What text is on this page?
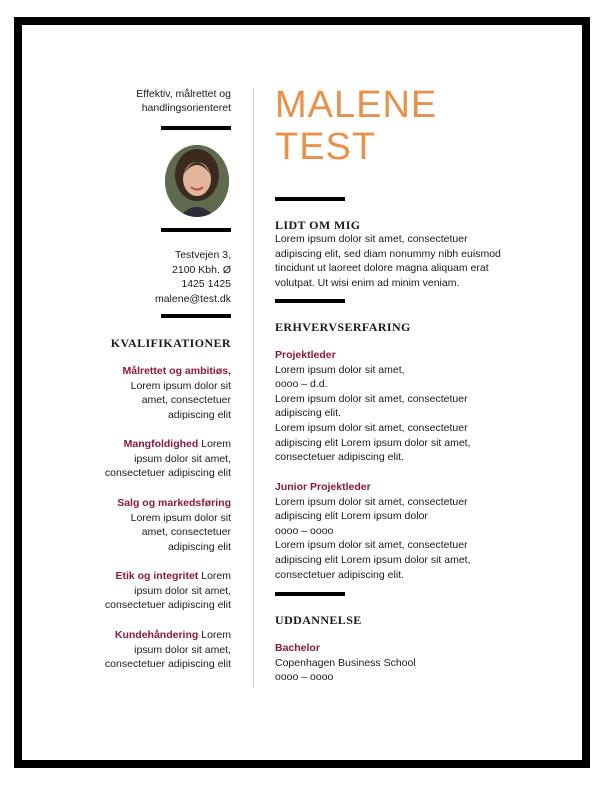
Effektiv, målrettet og
handlingsorienteret
Testvejen 3,
2100 Kbh. Ø
1425 1425
malene@test.dk
KVALIFIKATIONER
Målrettet og ambitiøs,
Lorem ipsum dolor sit
amet, consectetuer
adipiscing elit
Mangfoldighed Lorem
ipsum dolor sit amet,
consectetuer adipiscing elit
Salg og markedsføring
Lorem ipsum dolor sit
amet, consectetuer
adipiscing elit
Etik og integritet Lorem
ipsum dolor sit amet,
consectetuer adipiscing elit
Kundehåndering Lorem
ipsum dolor sit amet,
consectetuer adipiscing elit
MALENE
TEST
LIDT OM MIG
Lorem ipsum dolor sit amet, consectetuer
adipiscing elit, sed diam nonummy nibh euismod
tincidunt ut laoreet dolore magna aliquam erat
volutpat. Ut wisi enim ad minim veniam.
ERHVERVSERFARING
Projektleder
Lorem ipsum dolor sit amet,
oooo – d.d.
Lorem ipsum dolor sit amet, consectetuer
adipiscing elit.
Lorem ipsum dolor sit amet, consectetuer
adipiscing elit Lorem ipsum dolor sit amet,
consectetuer adipiscing elit.
Junior Projektleder
Lorem ipsum dolor sit amet, consectetuer
adipiscing elit Lorem ipsum dolor
oooo – oooo
Lorem ipsum dolor sit amet, consectetuer
adipiscing elit Lorem ipsum dolor sit amet,
consectetuer adipiscing elit.
UDDANNELSE
Bachelor
Copenhagen Business School
oooo – oooo
